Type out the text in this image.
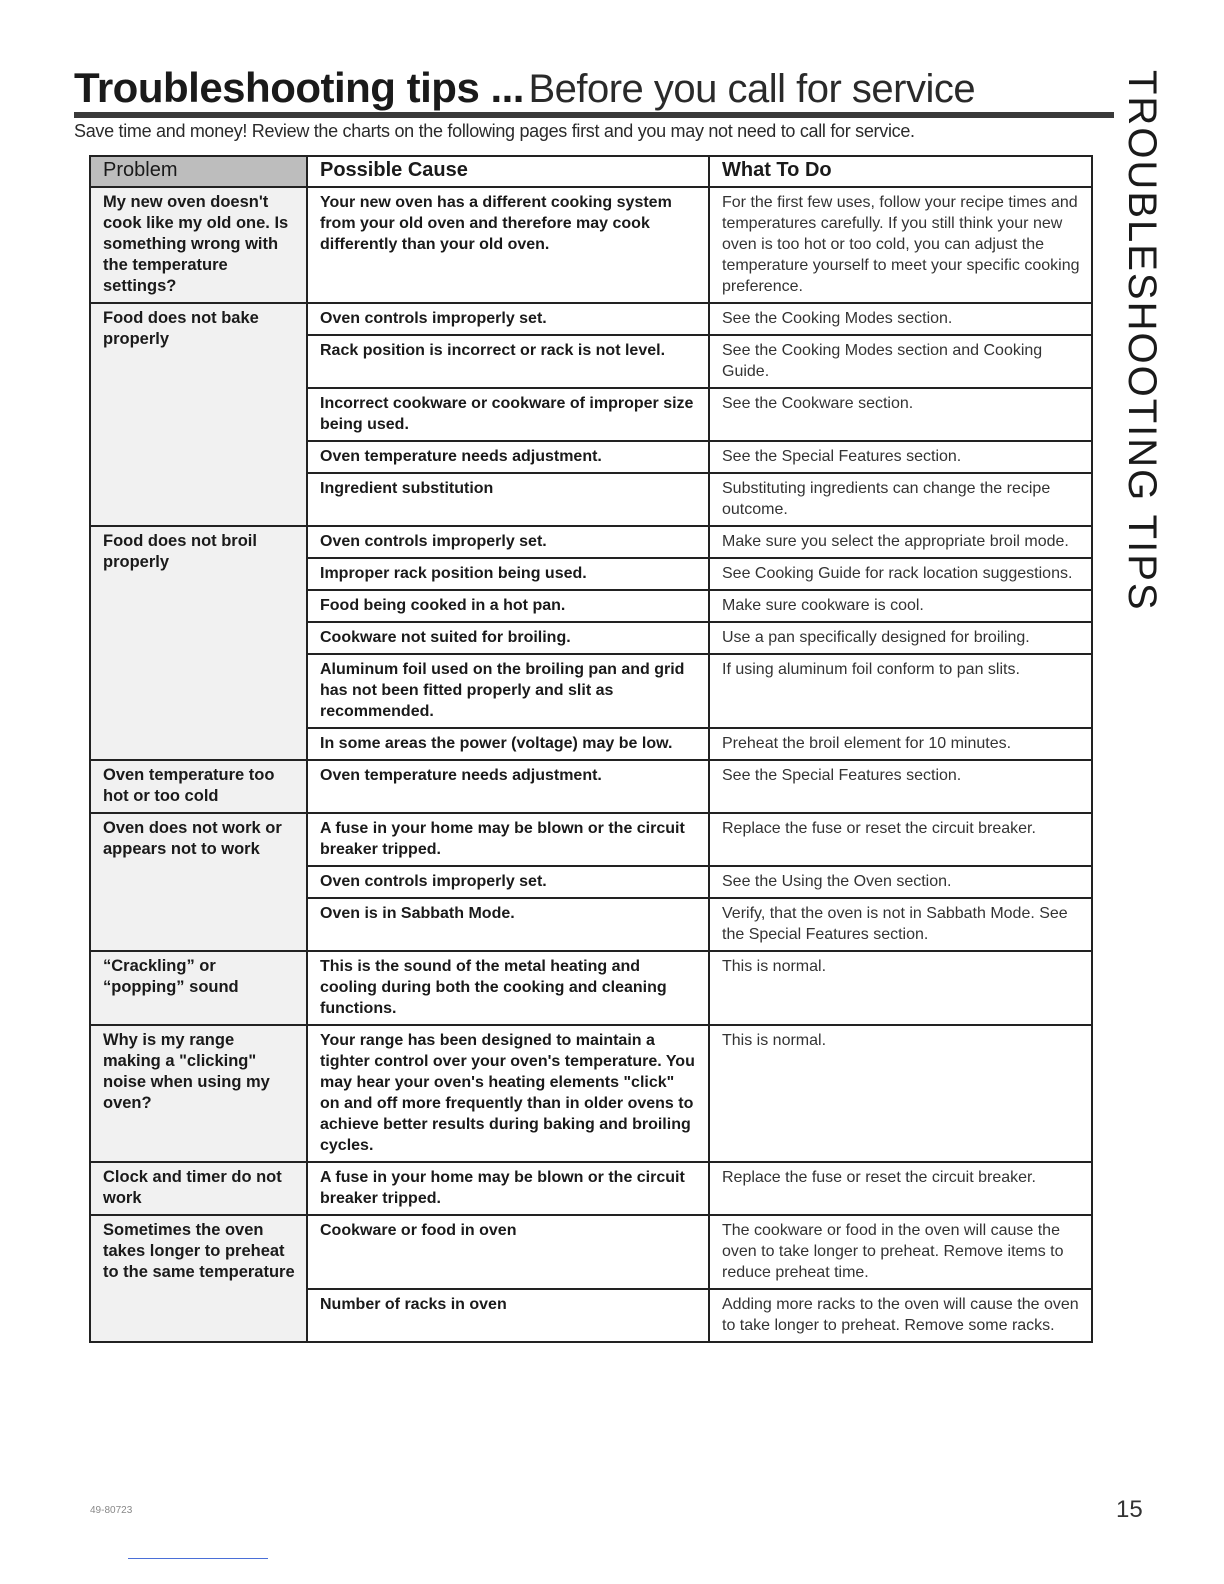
Troubleshooting tips ... Before you call for service
Save time and money! Review the charts on the following pages first and you may not need to call for service.	TROUBLESHOOTING TIPS
Problem	Possible Cause	What To Do
My new oven doesn't cook like my old one. Is something wrong with the temperature settings?	Your new oven has a different cooking system from your old oven and therefore may cook differently than your old oven.	For the first few uses, follow your recipe times and temperatures carefully. If you still think your new oven is too hot or too cold, you can adjust the temperature yourself to meet your specific cooking preference.
Food does not bake properly	Oven controls improperly set.	See the Cooking Modes section.
	Rack position is incorrect or rack is not level.	See the Cooking Modes section and Cooking Guide.
	Incorrect cookware or cookware of improper size being used.	See the Cookware section.
	Oven temperature needs adjustment.	See the Special Features section.
	Ingredient substitution	Substituting ingredients can change the recipe outcome.
Food does not broil properly	Oven controls improperly set.	Make sure you select the appropriate broil mode.
	Improper rack position being used.	See Cooking Guide for rack location suggestions.
	Food being cooked in a hot pan.	Make sure cookware is cool.
	Cookware not suited for broiling.	Use a pan specifically designed for broiling.
	Aluminum foil used on the broiling pan and grid has not been fitted properly and slit as recommended.	If using aluminum foil conform to pan slits.
	In some areas the power (voltage) may be low.	Preheat the broil element for 10 minutes.
Oven temperature too hot or too cold	Oven temperature needs adjustment.	See the Special Features section.
Oven does not work or appears not to work	A fuse in your home may be blown or the circuit breaker tripped.	Replace the fuse or reset the circuit breaker.
	Oven controls improperly set.	See the Using the Oven section.
	Oven is in Sabbath Mode.	Verify, that the oven is not in Sabbath Mode. See the Special Features section.
“Crackling” or “popping” sound	This is the sound of the metal heating and cooling during both the cooking and cleaning functions.	This is normal.
Why is my range making a "clicking" noise when using my oven?	Your range has been designed to maintain a tighter control over your oven's temperature. You may hear your oven's heating elements "click" on and off more frequently than in older ovens to achieve better results during baking and broiling cycles.	This is normal.
Clock and timer do not work	A fuse in your home may be blown or the circuit breaker tripped.	Replace the fuse or reset the circuit breaker.
Sometimes the oven takes longer to preheat to the same temperature	Cookware or food in oven	The cookware or food in the oven will cause the oven to take longer to preheat. Remove items to reduce preheat time.
	Number of racks in oven	Adding more racks to the oven will cause the oven to take longer to preheat. Remove some racks.
49-80723	15
